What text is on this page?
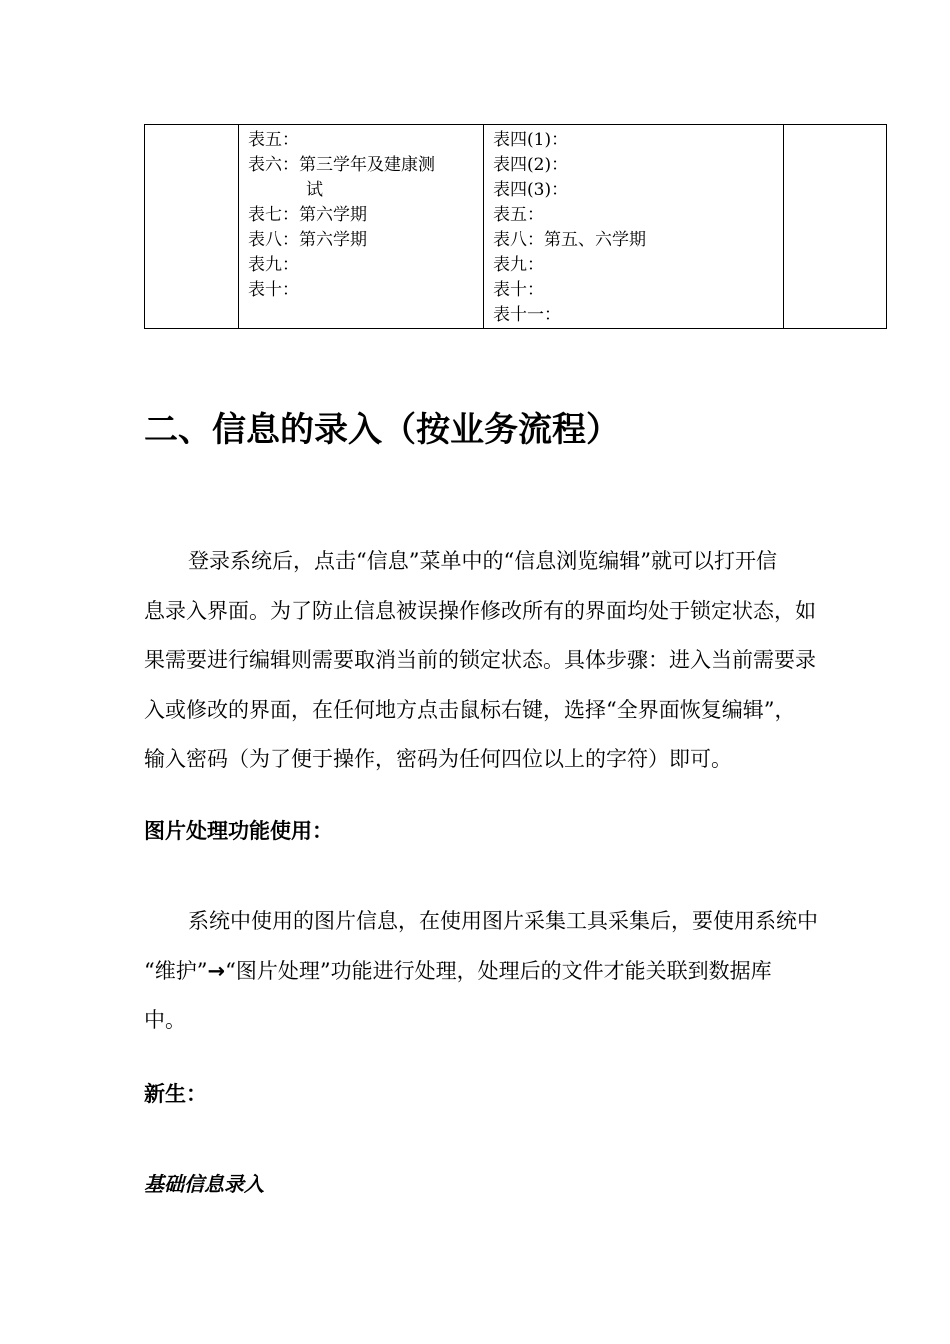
表五：
表六：第三学年及建康测
试
表七：第六学期
表八：第六学期
表九：
表十：

表四(1)：
表四(2)：
表四(3)：
表五：
表八：第五、六学期
表九：
表十：
表十一：

二、信息的录入（按业务流程）
登录系统后，点击“信息”菜单中的“信息浏览编辑”就可以打开信
息录入界面。为了防止信息被误操作修改所有的界面均处于锁定状态，如
果需要进行编辑则需要取消当前的锁定状态。具体步骤：进入当前需要录
入或修改的界面，在任何地方点击鼠标右键，选择“全界面恢复编辑”，
输入密码（为了便于操作，密码为任何四位以上的字符）即可。
图片处理功能使用：
系统中使用的图片信息，在使用图片采集工具采集后，要使用系统中
“维护”→“图片处理”功能进行处理，处理后的文件才能关联到数据库
中。
新生：
基础信息录入
